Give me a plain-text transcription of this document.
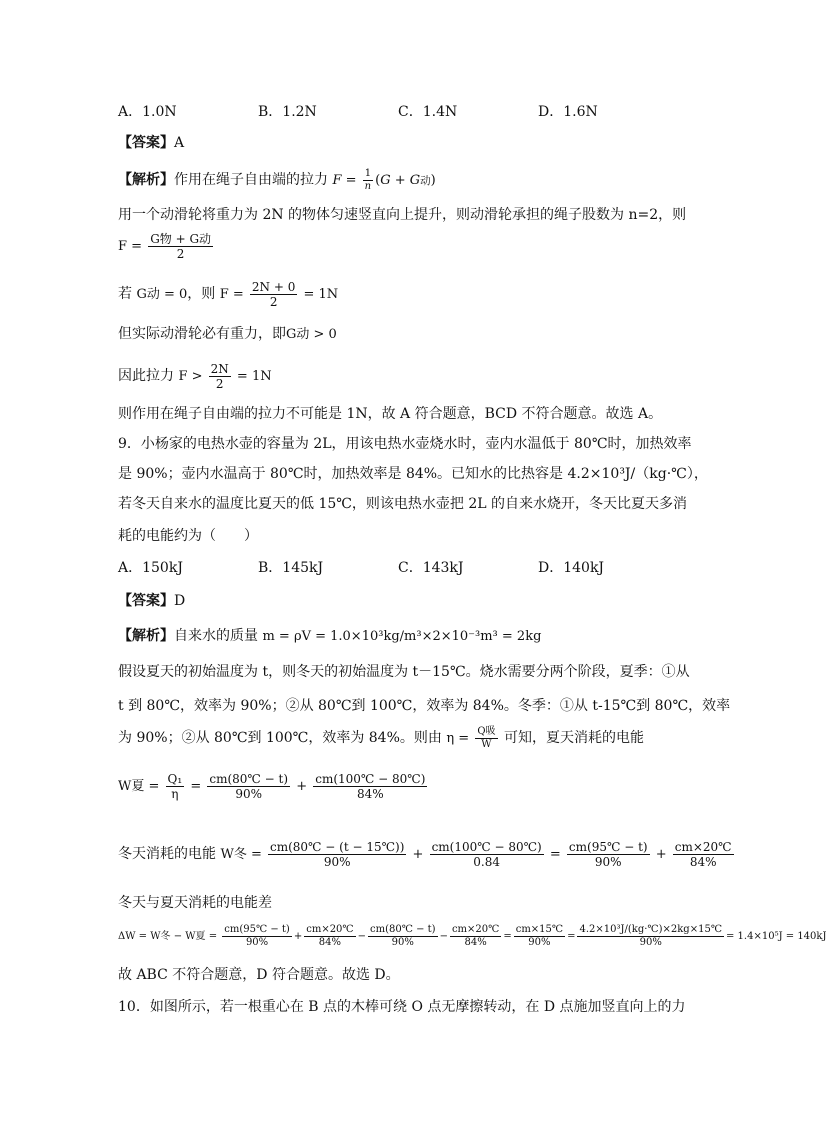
A．1.0N	B．1.2N	C．1.4N	D．1.6N
【答案】A
【解析】作用在绳子自由端的拉力 $F = \frac{1}{n} (G + G$动)
用一个动滑轮将重力为 2N 的物体匀速竖直向上提升，则动滑轮承担的绳子股数为 n=2，则
$F = \frac{\text{G物 + G动}}{2}$
若 G动 = 0，则 $F = \frac{2N + 0}{2} = 1N$
但实际动滑轮必有重力，即G动 > 0
因此拉力 $F > \frac{2N}{2} = 1N$
则作用在绳子自由端的拉力不可能是 1N，故 A 符合题意，BCD 不符合题意。故选 A。
9．小杨家的电热水壶的容量为 2L，用该电热水壶烧水时，壶内水温低于 80℃时，加热效率
是 90%；壶内水温高于 80℃时，加热效率是 84%。已知水的比热容是 4.2×10³J/（kg·℃），
若冬天自来水的温度比夏天的低 15℃，则该电热水壶把 2L 的自来水烧开，冬天比夏天多消
耗的电能约为（　　）
A．150kJ	B．145kJ	C．143kJ	D．140kJ
【答案】D
【解析】自来水的质量 m = ρV = 1.0×10³kg/m³×2×10⁻³m³ = 2kg
假设夏天的初始温度为 t，则冬天的初始温度为 t－15℃。烧水需要分两个阶段，夏季：①从
t 到 80℃，效率为 90%；②从 80℃到 100℃，效率为 84%。冬季：①从 t-15℃到 80℃，效率
为 90%；②从 80℃到 100℃，效率为 84%。则由 $\eta = \frac{\text{Q吸}}{W}$ 可知，夏天消耗的电能
W夏 = $\frac{\text{Q₁}}{\eta} = \frac{cm(80℃ - t)}{90\%} + \frac{cm(100℃ - 80℃)}{84\%}$
冬天消耗的电能 W冬 = $\frac{cm(80℃ - (t - 15℃))}{90\%} + \frac{cm(100℃ - 80℃)}{0.84} = \frac{cm(95℃ - t)}{90\%} + \frac{cm\times 20℃}{84\%}$
冬天与夏天消耗的电能差
ΔW = W冬 − W夏 = $\frac{cm(95℃ - t)}{90\%} + \frac{cm\times 20℃}{84\%} - \frac{cm(80℃ - t)}{90\%} - \frac{cm\times 20℃}{84\%} = \frac{cm\times 15℃}{90\%} = \frac{\text{4.2×10³J/(kg·℃)×2kg×15℃}}{90\%} = 1.4\times 10^5J = 140kJ$
故 ABC 不符合题意，D 符合题意。故选 D。
10．如图所示，若一根重心在 B 点的木棒可绕 O 点无摩擦转动，在 D 点施加竖直向上的力
